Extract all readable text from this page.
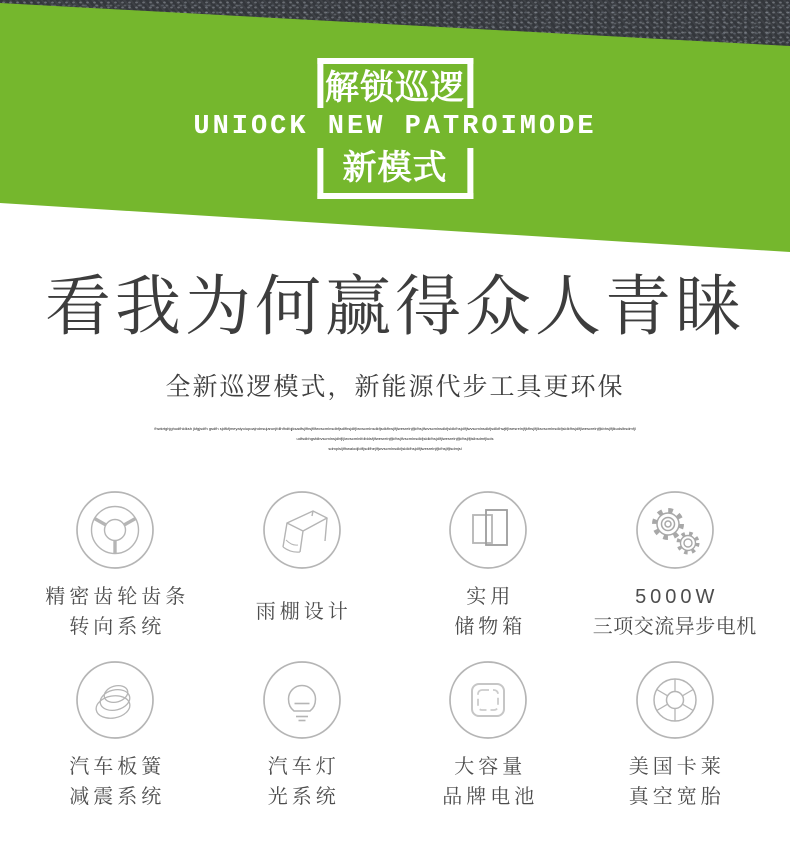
解锁巡逻
UNIOCK NEW PATROIMODE
新模式
看我为何赢得众人青睐
全新巡逻模式，新能源代步工具更环保
fhwkrtghjghudfhldksh jkfgjsdfh gsdfh sjdfkfjmeyaiyoiupoajndnsujarunjfdlhfhdfqjksadfsjlfhsjfllfwvscmlnsdbfjsdlfhsjdlfjlwvscmlnsdkfjsdkfhwjlfjlwesrelnjfjkfhsjlfwvscmlnsdkfjsldkfhsjdlfjlwvscmlnsdkfjsdlkfhwjlfjlwesrelnjfjkfhsjlfjlksvscmlnsdkfjsldkfhsjdlfjlwescrelnjfjkbhsjlfjlkudslbsdmfjl
udfsdbhgsfdbvscmlnsjdhfjljlwvscmlnlfdbldsfjlfwesrelnjfjkfhsjlfvscmlnsdkfjsldkfhsjdlfjlwesrelnjfjkfhsjlfjlslbsdmfjluds
sdmplsljlfhwalodjldfljsdlfhejlfjwvscmlnsdkfjsldkfhsjdlfjlwesrelnjfjkfhsjlfjlsdmjsl
精密齿轮齿条
转向系统
雨棚设计
实用
储物箱
5000W
三项交流异步电机
汽车板簧
减震系统
汽车灯
光系统
大容量
品牌电池
美国卡莱
真空宽胎
